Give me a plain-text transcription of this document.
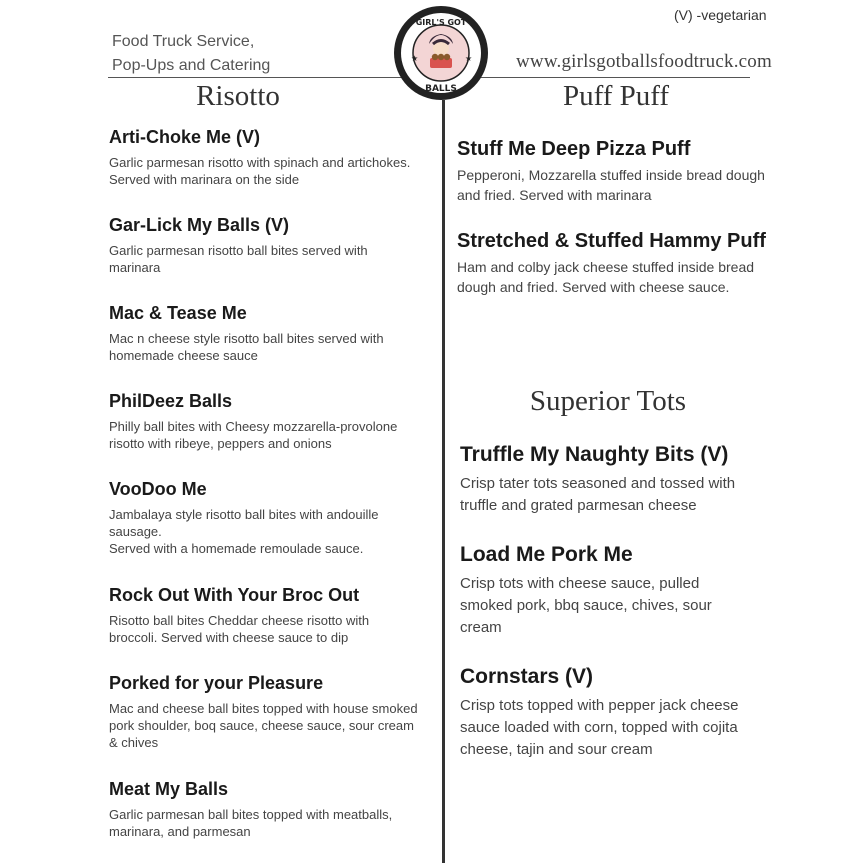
(V) -vegetarian
Food Truck Service,
Pop-Ups and Catering	www.girlsgotballsfoodtruck.com
★	★
GIRL'S GOT
BALLS
Risotto	Puff Puff
Superior Tots
Arti-Choke Me (V)
Garlic parmesan risotto with spinach and artichokes.
Served with marinara on the side
Gar-Lick My Balls (V)
Garlic parmesan risotto ball bites served with
marinara
Mac & Tease Me
Mac n cheese style risotto ball bites served with
homemade cheese sauce
PhilDeez Balls
Philly ball bites with Cheesy mozzarella-provolone
risotto with ribeye, peppers and onions
VooDoo Me
Jambalaya style risotto ball bites with andouille
sausage.
Served with a homemade remoulade sauce.
Rock Out With Your Broc Out
Risotto ball bites Cheddar cheese risotto with
broccoli. Served with cheese sauce to dip
Porked for your Pleasure
Mac and cheese ball bites topped with house smoked
pork shoulder, boq sauce, cheese sauce, sour cream
& chives
Meat My Balls
Garlic parmesan ball bites topped with meatballs,
marinara, and parmesan
Stuff Me Deep Pizza Puff
Pepperoni, Mozzarella stuffed inside bread dough
and fried. Served with marinara
Stretched & Stuffed Hammy Puff
Ham and colby jack cheese stuffed inside bread
dough and fried. Served with cheese sauce.
Truffle My Naughty Bits (V)
Crisp tater tots seasoned and tossed with
truffle and grated parmesan cheese
Load Me Pork Me
Crisp tots with cheese sauce, pulled
smoked pork, bbq sauce, chives, sour
cream
Cornstars (V)
Crisp tots topped with pepper jack cheese
sauce loaded with corn, topped with cojita
cheese, tajin and sour cream
